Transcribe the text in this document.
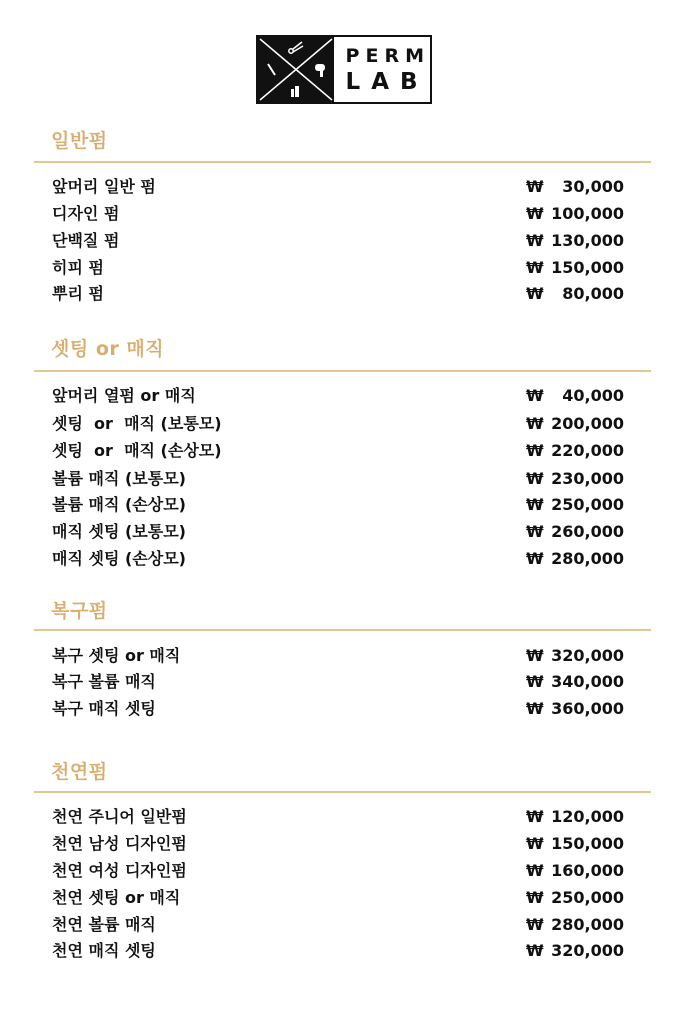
PERM
LAB
일반펌
앞머리 일반 펌	₩ 30,000
디자인 펌	₩ 100,000
단백질 펌	₩ 130,000
히피 펌	₩ 150,000
뿌리 펌	₩ 80,000
셋팅 or 매직
앞머리 열펌 or 매직	₩ 40,000
셋팅  or  매직 (보통모)	₩ 200,000
셋팅  or  매직 (손상모)	₩ 220,000
볼륨 매직 (보통모)	₩ 230,000
볼륨 매직 (손상모)	₩ 250,000
매직 셋팅 (보통모)	₩ 260,000
매직 셋팅 (손상모)	₩ 280,000
복구펌
복구 셋팅 or 매직	₩ 320,000
복구 볼륨 매직	₩ 340,000
복구 매직 셋팅	₩ 360,000
천연펌
천연 주니어 일반펌	₩ 120,000
천연 남성 디자인펌	₩ 150,000
천연 여성 디자인펌	₩ 160,000
천연 셋팅 or 매직	₩ 250,000
천연 볼륨 매직	₩ 280,000
천연 매직 셋팅	₩ 320,000
